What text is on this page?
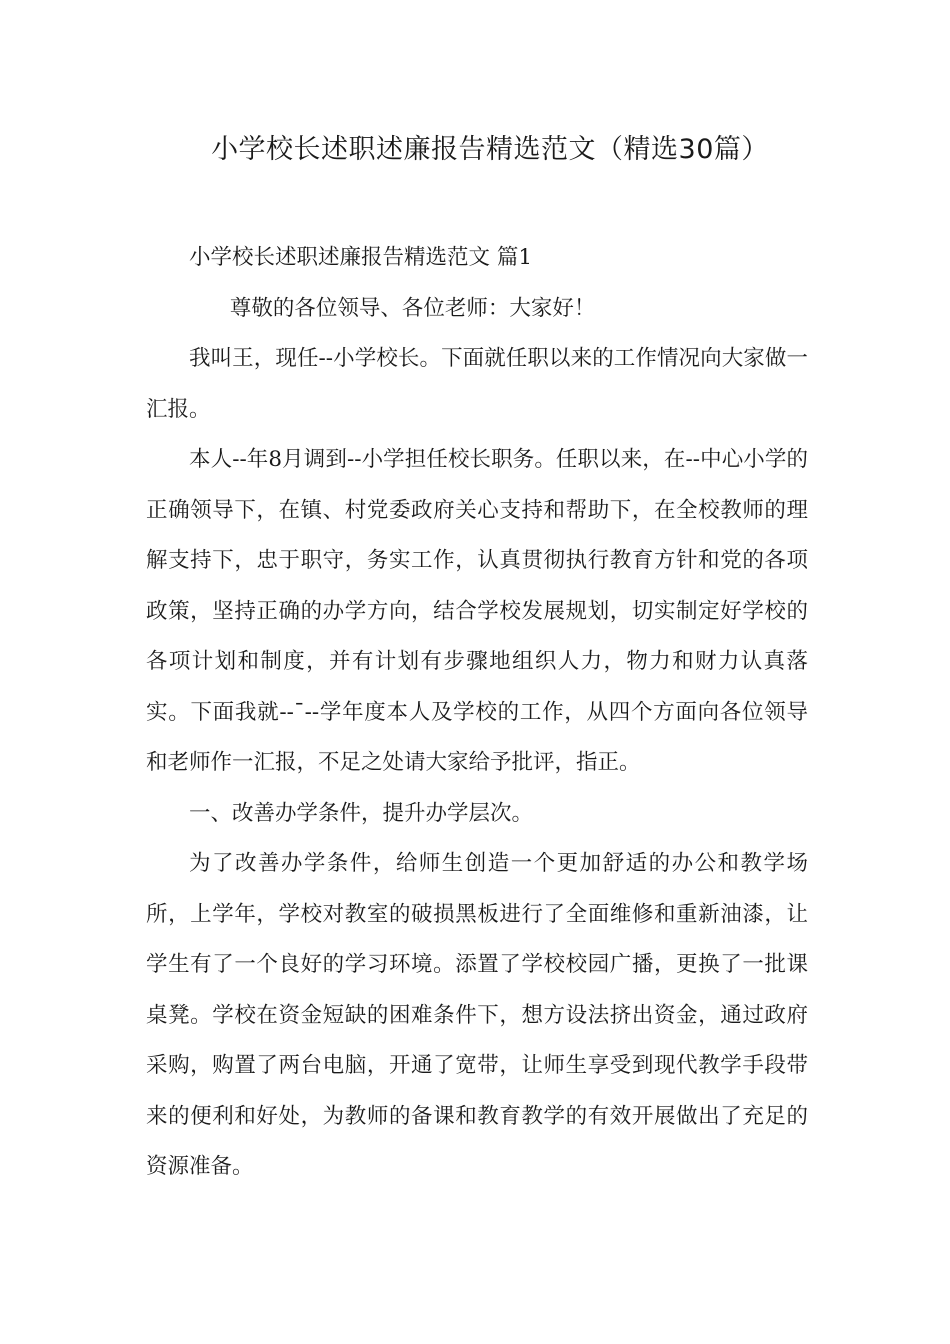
小学校长述职述廉报告精选范文（精选30篇）

小学校长述职述廉报告精选范文 篇1

尊敬的各位领导、各位老师：大家好！

我叫王，现任--小学校长。下面就任职以来的工作情况向大家做一汇报。

本人--年8月调到--小学担任校长职务。任职以来，在--中心小学的正确领导下，在镇、村党委政府关心支持和帮助下，在全校教师的理解支持下，忠于职守，务实工作，认真贯彻执行教育方针和党的各项政策，坚持正确的办学方向，结合学校发展规划，切实制定好学校的各项计划和制度，并有计划有步骤地组织人力，物力和财力认真落实。下面我就--¯--学年度本人及学校的工作，从四个方面向各位领导和老师作一汇报，不足之处请大家给予批评，指正。

一、改善办学条件，提升办学层次。

为了改善办学条件，给师生创造一个更加舒适的办公和教学场所，上学年，学校对教室的破损黑板进行了全面维修和重新油漆，让学生有了一个良好的学习环境。添置了学校校园广播，更换了一批课桌凳。学校在资金短缺的困难条件下，想方设法挤出资金，通过政府采购，购置了两台电脑，开通了宽带，让师生享受到现代教学手段带来的便利和好处，为教师的备课和教育教学的有效开展做出了充足的资源准备。
